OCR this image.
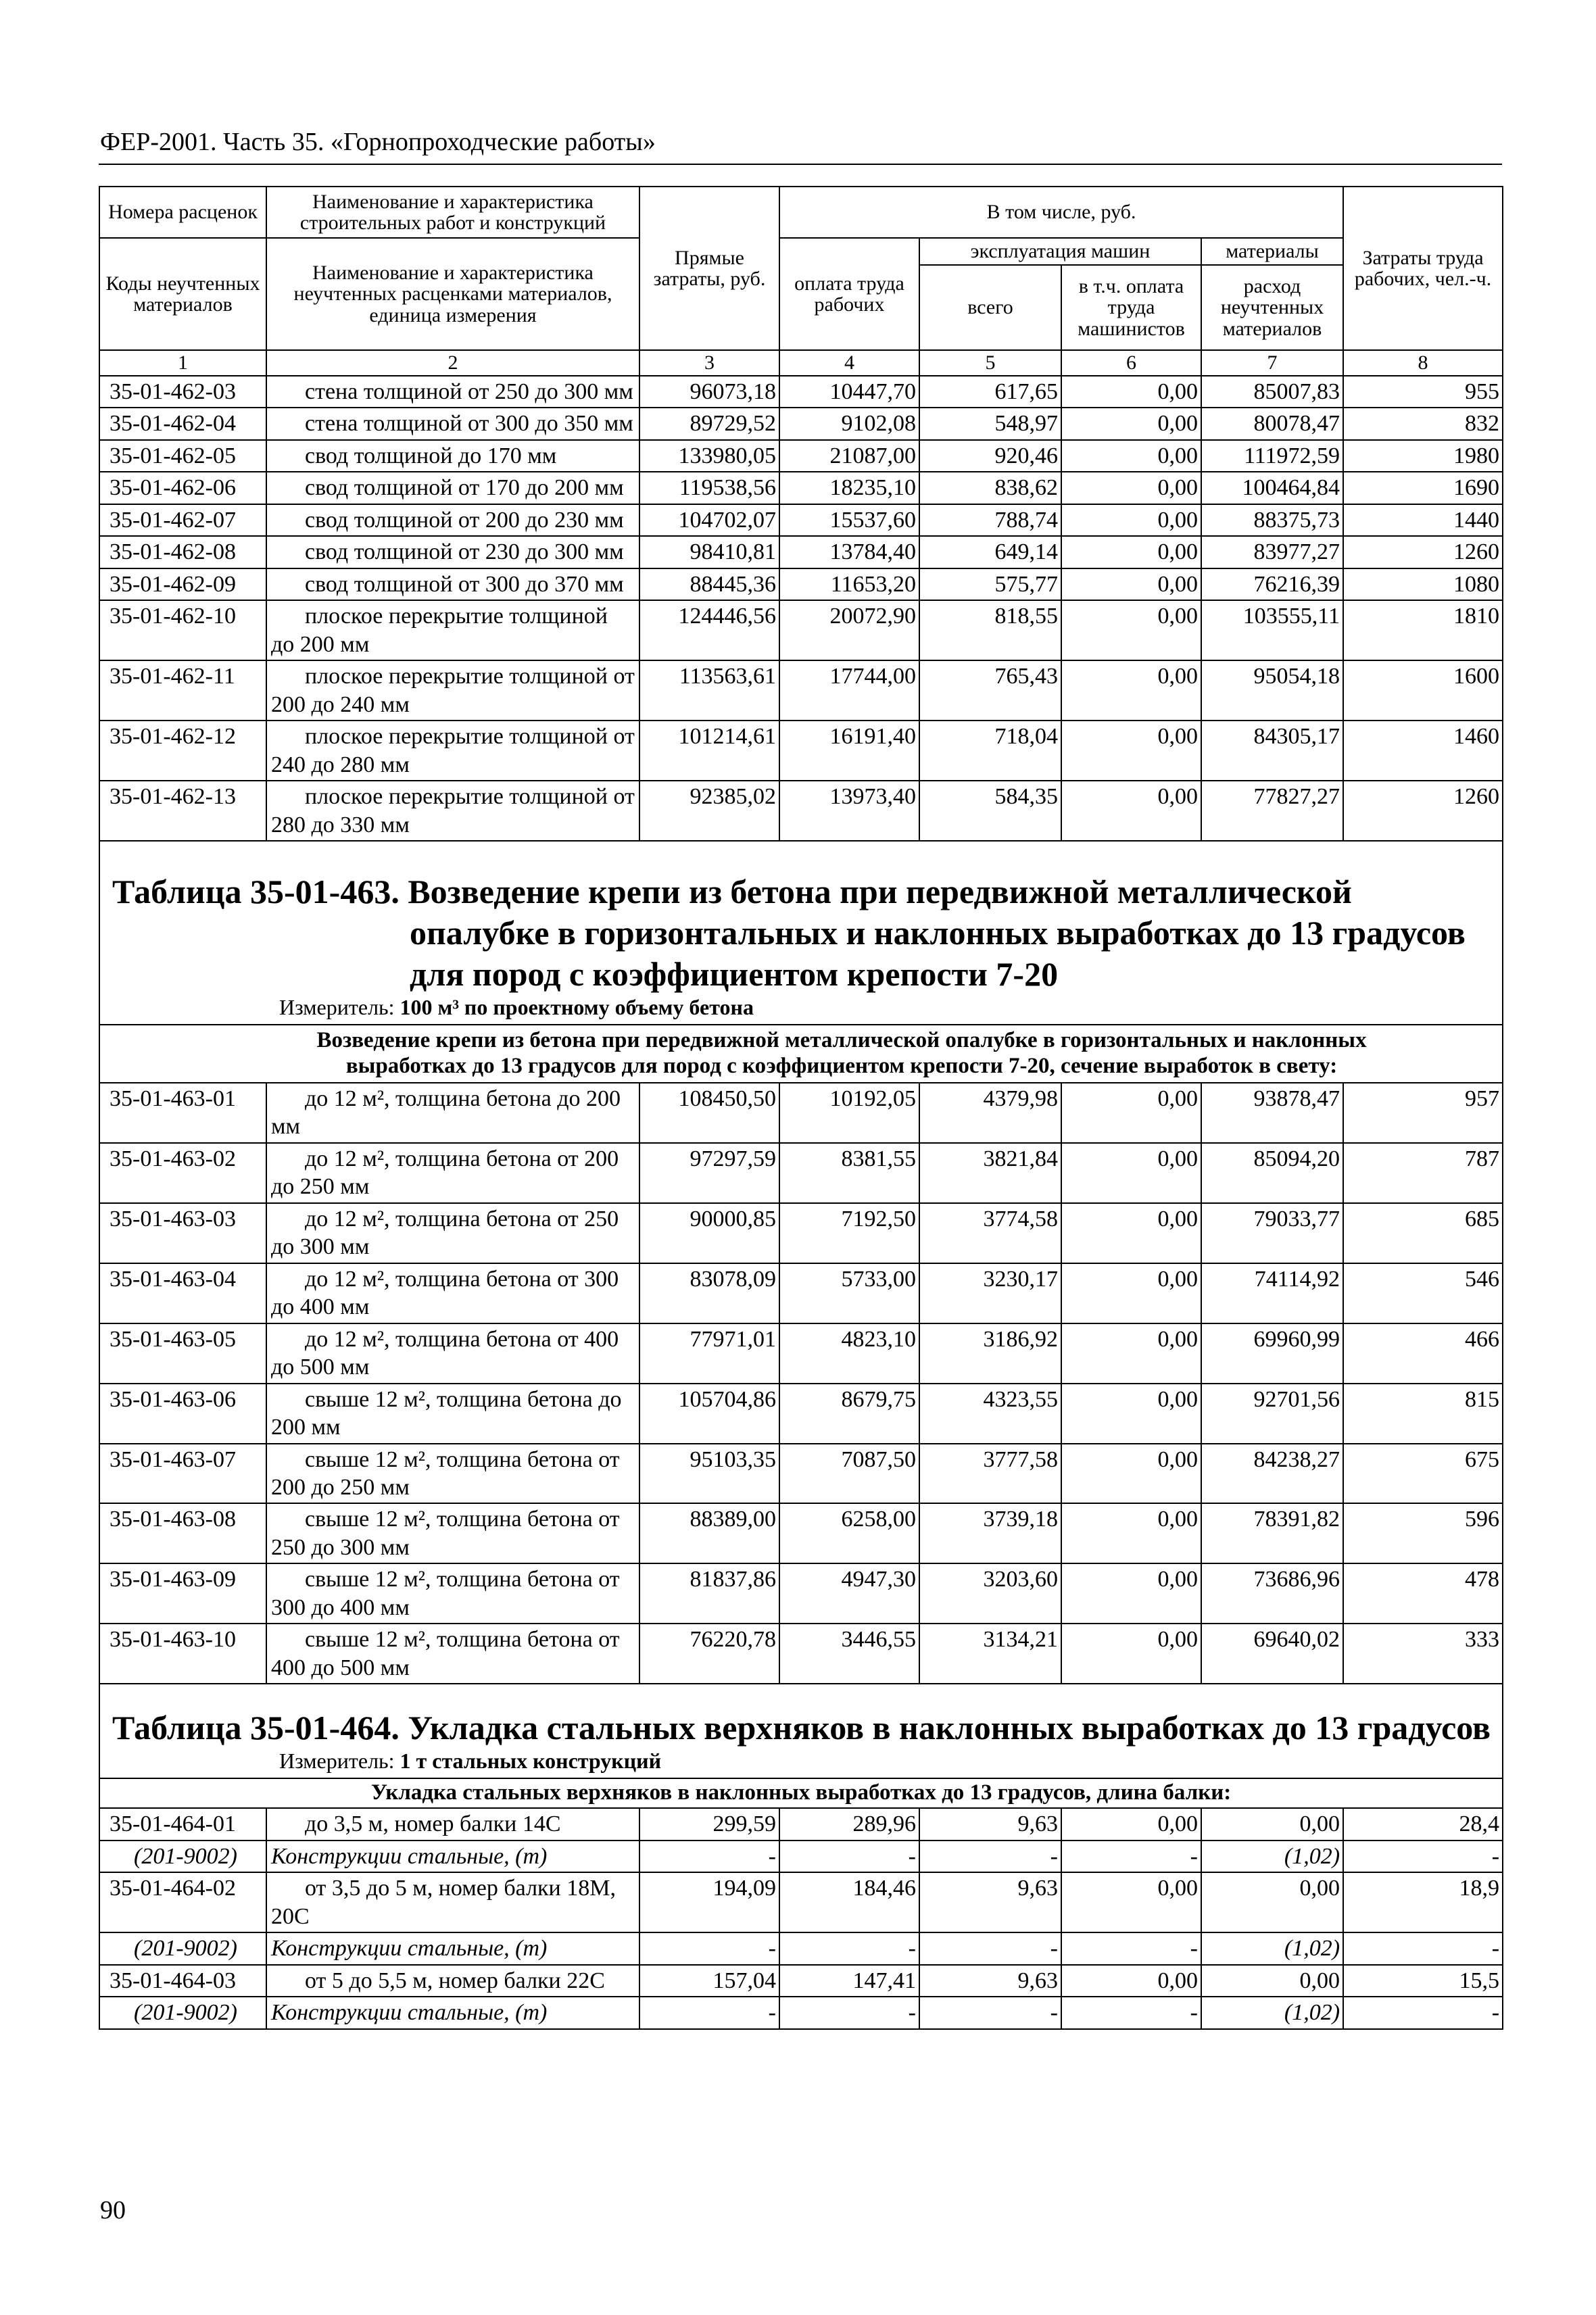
ФЕР-2001. Часть 35. «Горнопроходческие работы»
Номера расценок	Наименование и характеристика строительных работ и конструкций	Прямые затраты, руб.	В том числе, руб.				Затраты труда рабочих, чел.-ч.
Коды неучтенных материалов	Наименование и характеристика неучтенных расценками материалов, единица измерения		оплата труда рабочих	эксплуатация машин		материалы	
				всего	в т.ч. оплата труда машинистов	расход неучтенных материалов	
1	2	3	4	5	6	7	8
35-01-462-03	стена толщиной от 250 до 300 мм	96073,18	10447,70	617,65	0,00	85007,83	955
35-01-462-04	стена толщиной от 300 до 350 мм	89729,52	9102,08	548,97	0,00	80078,47	832
35-01-462-05	свод толщиной до 170 мм	133980,05	21087,00	920,46	0,00	111972,59	1980
35-01-462-06	свод толщиной от 170 до 200 мм	119538,56	18235,10	838,62	0,00	100464,84	1690
35-01-462-07	свод толщиной от 200 до 230 мм	104702,07	15537,60	788,74	0,00	88375,73	1440
35-01-462-08	свод толщиной от 230 до 300 мм	98410,81	13784,40	649,14	0,00	83977,27	1260
35-01-462-09	свод толщиной от 300 до 370 мм	88445,36	11653,20	575,77	0,00	76216,39	1080
35-01-462-10	плоское перекрытие толщиной до 200 мм	124446,56	20072,90	818,55	0,00	103555,11	1810
35-01-462-11	плоское перекрытие толщиной от 200 до 240 мм	113563,61	17744,00	765,43	0,00	95054,18	1600
35-01-462-12	плоское перекрытие толщиной от 240 до 280 мм	101214,61	16191,40	718,04	0,00	84305,17	1460
35-01-462-13	плоское перекрытие толщиной от 280 до 330 мм	92385,02	13973,40	584,35	0,00	77827,27	1260

Таблица 35-01-463. Возведение крепи из бетона при передвижной металлической
опалубке в горизонтальных и наклонных выработках до 13 градусов
для пород с коэффициентом крепости 7-20
Измеритель: 100 м³ по проектному объему бетона							

Возведение крепи из бетона при передвижной металлической опалубке в горизонтальных и наклонных выработках до 13 градусов для пород с коэффициентом крепости 7-20, сечение выработок в свету:							
35-01-463-01	до 12 м², толщина бетона до 200 мм	108450,50	10192,05	4379,98	0,00	93878,47	957
35-01-463-02	до 12 м², толщина бетона от 200 до 250 мм	97297,59	8381,55	3821,84	0,00	85094,20	787
35-01-463-03	до 12 м², толщина бетона от 250 до 300 мм	90000,85	7192,50	3774,58	0,00	79033,77	685
35-01-463-04	до 12 м², толщина бетона от 300 до 400 мм	83078,09	5733,00	3230,17	0,00	74114,92	546
35-01-463-05	до 12 м², толщина бетона от 400 до 500 мм	77971,01	4823,10	3186,92	0,00	69960,99	466
35-01-463-06	свыше 12 м², толщина бетона до 200 мм	105704,86	8679,75	4323,55	0,00	92701,56	815
35-01-463-07	свыше 12 м², толщина бетона от 200 до 250 мм	95103,35	7087,50	3777,58	0,00	84238,27	675
35-01-463-08	свыше 12 м², толщина бетона от 250 до 300 мм	88389,00	6258,00	3739,18	0,00	78391,82	596
35-01-463-09	свыше 12 м², толщина бетона от 300 до 400 мм	81837,86	4947,30	3203,60	0,00	73686,96	478
35-01-463-10	свыше 12 м², толщина бетона от 400 до 500 мм	76220,78	3446,55	3134,21	0,00	69640,02	333

Таблица 35-01-464. Укладка стальных верхняков в наклонных выработках до 13 градусов
Измеритель: 1 т стальных конструкций							

Укладка стальных верхняков в наклонных выработках до 13 градусов, длина балки:							
35-01-464-01	до 3,5 м, номер балки 14С	299,59	289,96	9,63	0,00	0,00	28,4
(201-9002)	Конструкции стальные, (т)	-	-	-	-	(1,02)	-
35-01-464-02	от 3,5 до 5 м, номер балки 18М, 20С	194,09	184,46	9,63	0,00	0,00	18,9
(201-9002)	Конструкции стальные, (т)	-	-	-	-	(1,02)	-
35-01-464-03	от 5 до 5,5 м, номер балки 22С	157,04	147,41	9,63	0,00	0,00	15,5
(201-9002)	Конструкции стальные, (т)	-	-	-	-	(1,02)	-
90
